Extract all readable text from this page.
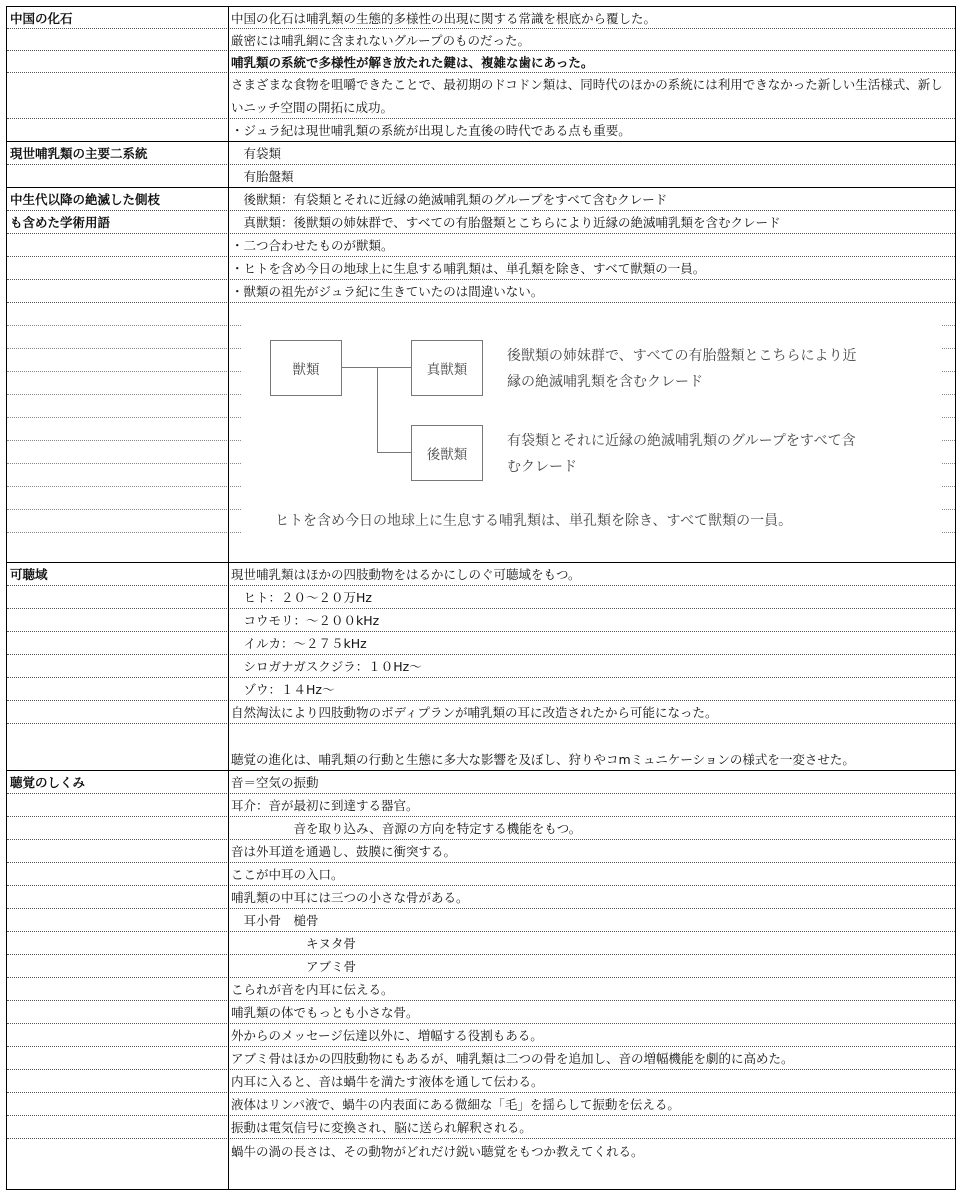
中国の化石	中国の化石は哺乳類の生態的多様性の出現に関する常識を根底から覆した。
厳密には哺乳網に含まれないグループのものだった。
哺乳類の系統で多様性が解き放たれた鍵は、複雑な歯にあった。
さまざまな食物を咀嚼できたことで、最初期のドコドン類は、同時代のほかの系統には利用できなかった新しい生活様式、新しいニッチ空間の開拓に成功。
・ジュラ紀は現世哺乳類の系統が出現した直後の時代である点も重要。
現世哺乳類の主要二系統	　有袋類
　有胎盤類
中生代以降の絶滅した側枝	　後獣類：有袋類とそれに近縁の絶滅哺乳類のグループをすべて含むクレード
も含めた学術用語	　真獣類：後獣類の姉妹群で、すべての有胎盤類とこちらにより近縁の絶滅哺乳類を含むクレード
・二つ合わせたものが獣類。
・ヒトを含め今日の地球上に生息する哺乳類は、単孔類を除き、すべて獣類の一員。
・獣類の祖先がジュラ紀に生きていたのは間違いない。
獣類	真獣類
後獣類
後獣類の姉妹群で、すべての有胎盤類とこちらにより近縁の絶滅哺乳類を含むクレード
有袋類とそれに近縁の絶滅哺乳類のグループをすべて含むクレード
ヒトを含め今日の地球上に生息する哺乳類は、単孔類を除き、すべて獣類の一員。
可聴域	現世哺乳類はほかの四肢動物をはるかにしのぐ可聴域をもつ。
　ヒト：２０～２０万Hz
　コウモリ：～２００kHz
　イルカ：～２７５kHz
　シロガナガスクジラ：１０Hz～
　ゾウ：１４Hz～
自然淘汰により四肢動物のボディプランが哺乳類の耳に改造されたから可能になった。
聴覚の進化は、哺乳類の行動と生態に多大な影響を及ぼし、狩りやコmミュニケーションの様式を一変させた。
聴覚のしくみ	音＝空気の振動
耳介：音が最初に到達する器官。
　　　　　音を取り込み、音源の方向を特定する機能をもつ。
音は外耳道を通過し、鼓膜に衝突する。
ここが中耳の入口。
哺乳類の中耳には三つの小さな骨がある。
　耳小骨　槌骨
　　　　　　キヌタ骨
　　　　　　アブミ骨
こられが音を内耳に伝える。
哺乳類の体でもっとも小さな骨。
外からのメッセージ伝達以外に、増幅する役割もある。
アブミ骨はほかの四肢動物にもあるが、哺乳類は二つの骨を追加し、音の増幅機能を劇的に高めた。
内耳に入ると、音は蝸牛を満たす液体を通して伝わる。
液体はリンパ液で、蝸牛の内表面にある微細な「毛」を揺らして振動を伝える。
振動は電気信号に変換され、脳に送られ解釈される。
蝸牛の渦の長さは、その動物がどれだけ鋭い聴覚をもつか教えてくれる。
